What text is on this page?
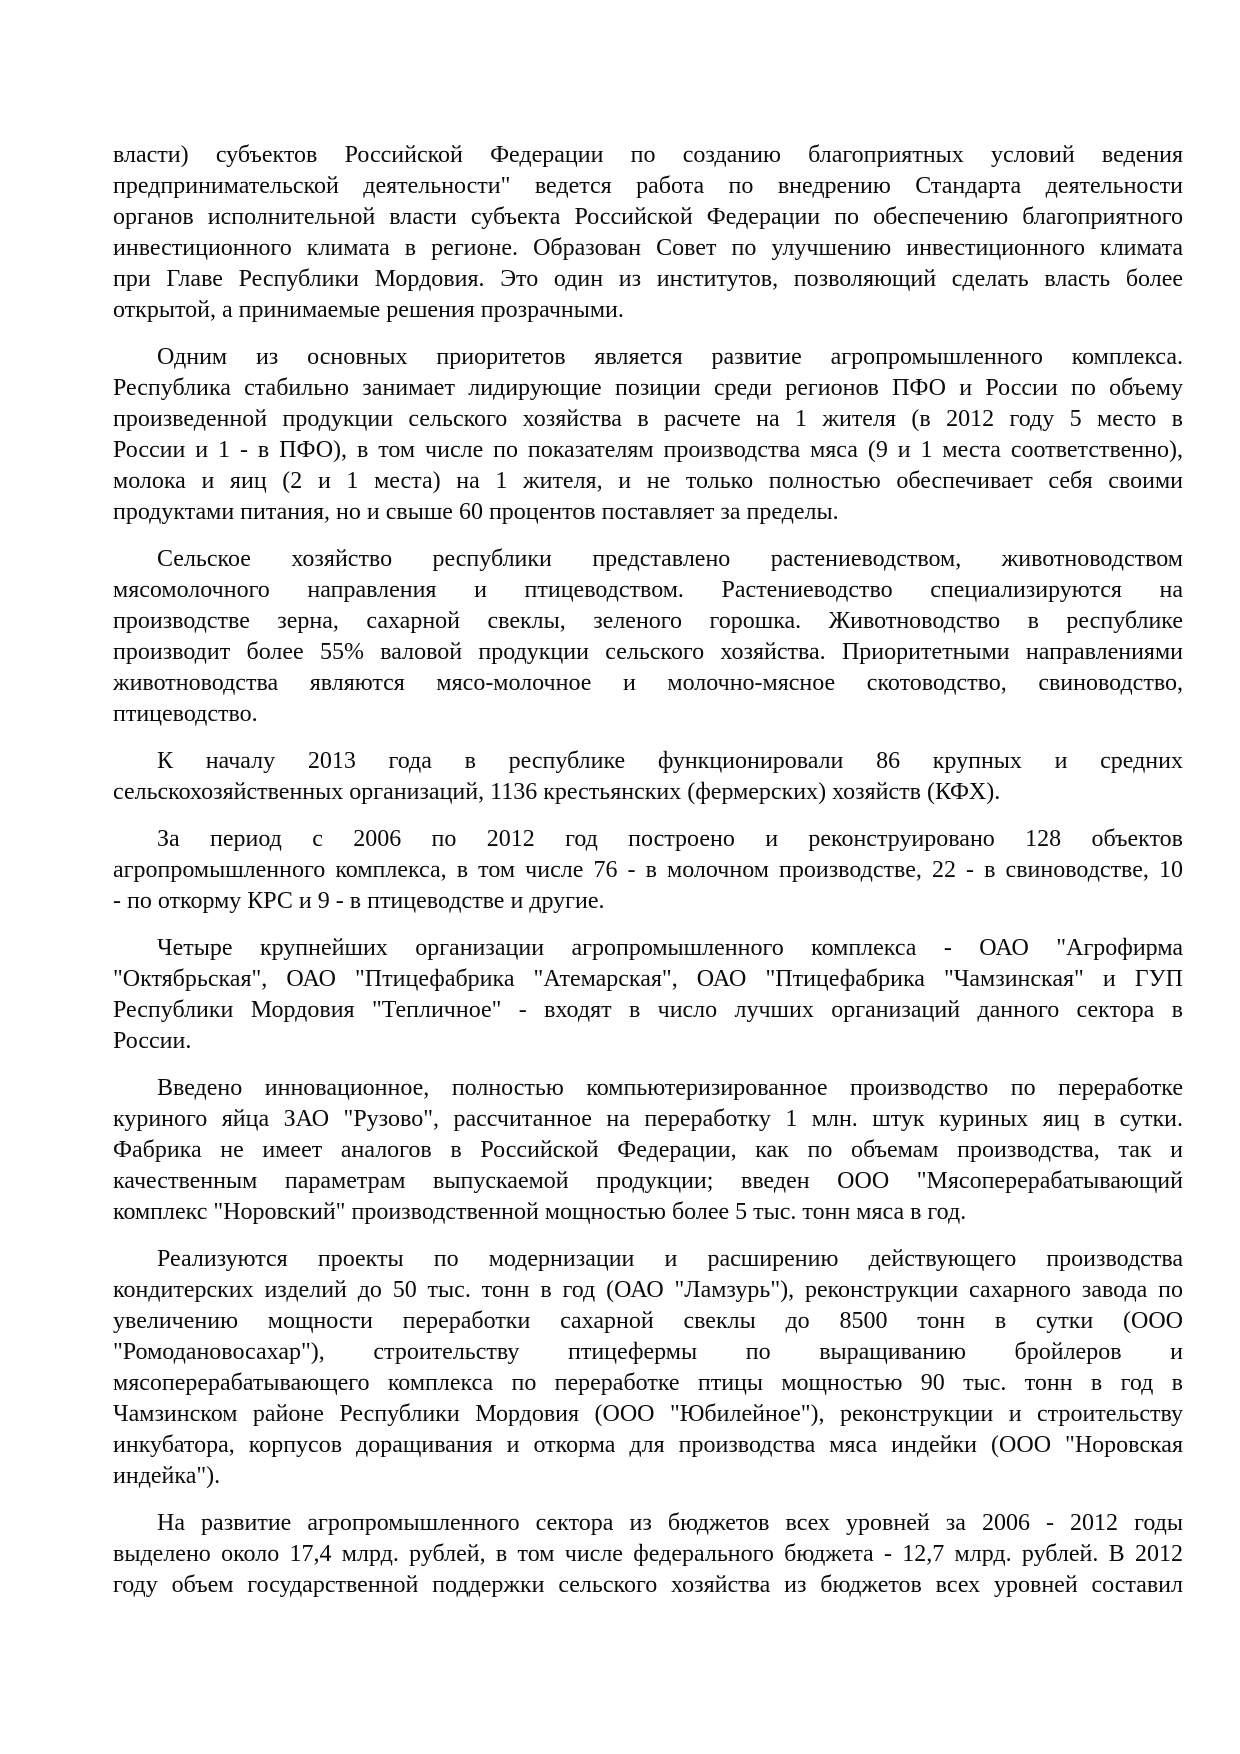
власти) субъектов Российской Федерации по созданию благоприятных условий ведения
предпринимательской деятельности" ведется работа по внедрению Стандарта деятельности
органов исполнительной власти субъекта Российской Федерации по обеспечению благоприятного
инвестиционного климата в регионе. Образован Совет по улучшению инвестиционного климата
при Главе Республики Мордовия. Это один из институтов, позволяющий сделать власть более
открытой, а принимаемые решения прозрачными.
Одним из основных приоритетов является развитие агропромышленного комплекса.
Республика стабильно занимает лидирующие позиции среди регионов ПФО и России по объему
произведенной продукции сельского хозяйства в расчете на 1 жителя (в 2012 году 5 место в
России и 1 - в ПФО), в том числе по показателям производства мяса (9 и 1 места соответственно),
молока и яиц (2 и 1 места) на 1 жителя, и не только полностью обеспечивает себя своими
продуктами питания, но и свыше 60 процентов поставляет за пределы.
Сельское хозяйство республики представлено растениеводством, животноводством
мясомолочного направления и птицеводством. Растениеводство специализируются на
производстве зерна, сахарной свеклы, зеленого горошка. Животноводство в республике
производит более 55% валовой продукции сельского хозяйства. Приоритетными направлениями
животноводства являются мясо-молочное и молочно-мясное скотоводство, свиноводство,
птицеводство.
К началу 2013 года в республике функционировали 86 крупных и средних
сельскохозяйственных организаций, 1136 крестьянских (фермерских) хозяйств (КФХ).
За период с 2006 по 2012 год построено и реконструировано 128 объектов
агропромышленного комплекса, в том числе 76 - в молочном производстве, 22 - в свиноводстве, 10
- по откорму КРС и 9 - в птицеводстве и другие.
Четыре крупнейших организации агропромышленного комплекса - ОАО "Агрофирма
"Октябрьская", ОАО "Птицефабрика "Атемарская", ОАО "Птицефабрика "Чамзинская" и ГУП
Республики Мордовия "Тепличное" - входят в число лучших организаций данного сектора в
России.
Введено инновационное, полностью компьютеризированное производство по переработке
куриного яйца ЗАО "Рузово", рассчитанное на переработку 1 млн. штук куриных яиц в сутки.
Фабрика не имеет аналогов в Российской Федерации, как по объемам производства, так и
качественным параметрам выпускаемой продукции; введен ООО "Мясоперерабатывающий
комплекс "Норовский" производственной мощностью более 5 тыс. тонн мяса в год.
Реализуются проекты по модернизации и расширению действующего производства
кондитерских изделий до 50 тыс. тонн в год (ОАО "Ламзурь"), реконструкции сахарного завода по
увеличению мощности переработки сахарной свеклы до 8500 тонн в сутки (ООО
"Ромодановосахар"), строительству птицефермы по выращиванию бройлеров и
мясоперерабатывающего комплекса по переработке птицы мощностью 90 тыс. тонн в год в
Чамзинском районе Республики Мордовия (ООО "Юбилейное"), реконструкции и строительству
инкубатора, корпусов доращивания и откорма для производства мяса индейки (ООО "Норовская
индейка").
На развитие агропромышленного сектора из бюджетов всех уровней за 2006 - 2012 годы
выделено около 17,4 млрд. рублей, в том числе федерального бюджета - 12,7 млрд. рублей. В 2012
году объем государственной поддержки сельского хозяйства из бюджетов всех уровней составил
